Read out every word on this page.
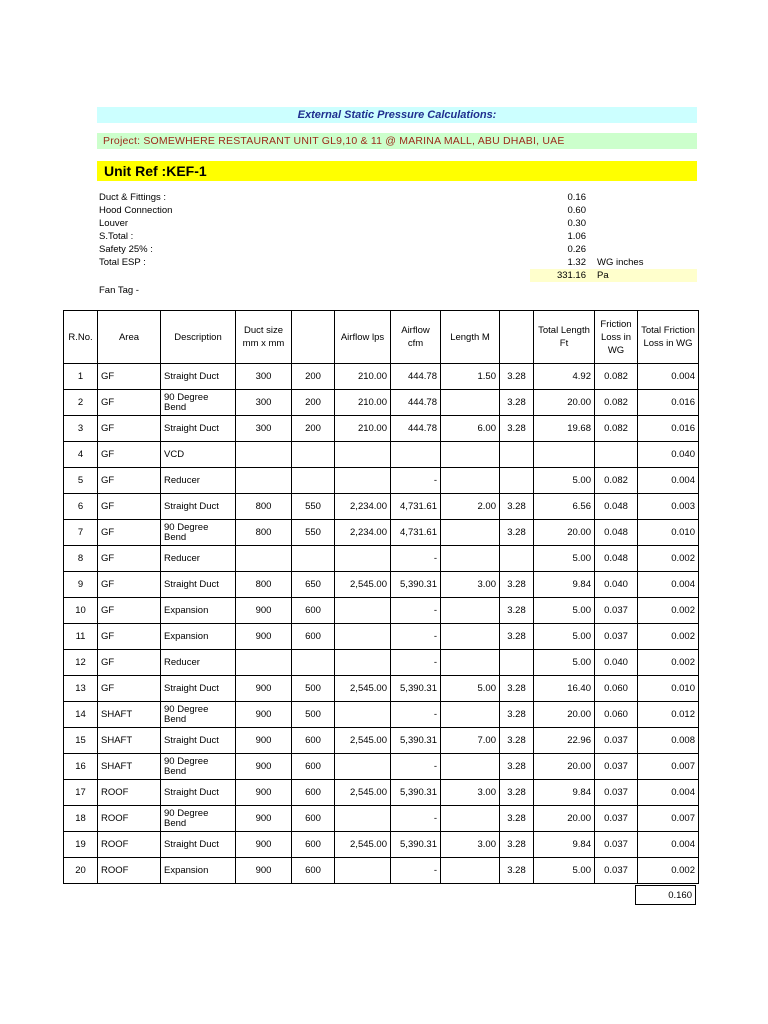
External Static Pressure Calculations:
Project: SOMEWHERE RESTAURANT UNIT GL9,10 & 11 @ MARINA MALL, ABU DHABI, UAE
Unit Ref :KEF-1
Duct & Fittings :	0.16
Hood Connection	0.60
Louver	0.30
S.Total :	1.06
Safety 25% :	0.26
Total ESP :	1.32 WG inches
331.16 Pa
Fan Tag -
R.No.	Area	Description	Duct size mm x mm		Airflow lps	Airflow cfm	Length M		Total Length Ft	Friction Loss in WG	Total Friction Loss in WG
1	GF	Straight Duct	300	200	210.00	444.78	1.50	3.28	4.92	0.082	0.004
2	GF	90 Degree Bend	300	200	210.00	444.78		3.28	20.00	0.082	0.016
3	GF	Straight Duct	300	200	210.00	444.78	6.00	3.28	19.68	0.082	0.016
4	GF	VCD									0.040
5	GF	Reducer				-			5.00	0.082	0.004
6	GF	Straight Duct	800	550	2,234.00	4,731.61	2.00	3.28	6.56	0.048	0.003
7	GF	90 Degree Bend	800	550	2,234.00	4,731.61		3.28	20.00	0.048	0.010
8	GF	Reducer				-			5.00	0.048	0.002
9	GF	Straight Duct	800	650	2,545.00	5,390.31	3.00	3.28	9.84	0.040	0.004
10	GF	Expansion	900	600		-		3.28	5.00	0.037	0.002
11	GF	Expansion	900	600		-		3.28	5.00	0.037	0.002
12	GF	Reducer				-			5.00	0.040	0.002
13	GF	Straight Duct	900	500	2,545.00	5,390.31	5.00	3.28	16.40	0.060	0.010
14	SHAFT	90 Degree Bend	900	500		-		3.28	20.00	0.060	0.012
15	SHAFT	Straight Duct	900	600	2,545.00	5,390.31	7.00	3.28	22.96	0.037	0.008
16	SHAFT	90 Degree Bend	900	600		-		3.28	20.00	0.037	0.007
17	ROOF	Straight Duct	900	600	2,545.00	5,390.31	3.00	3.28	9.84	0.037	0.004
18	ROOF	90 Degree Bend	900	600		-		3.28	20.00	0.037	0.007
19	ROOF	Straight Duct	900	600	2,545.00	5,390.31	3.00	3.28	9.84	0.037	0.004
20	ROOF	Expansion	900	600		-		3.28	5.00	0.037	0.002
0.160
